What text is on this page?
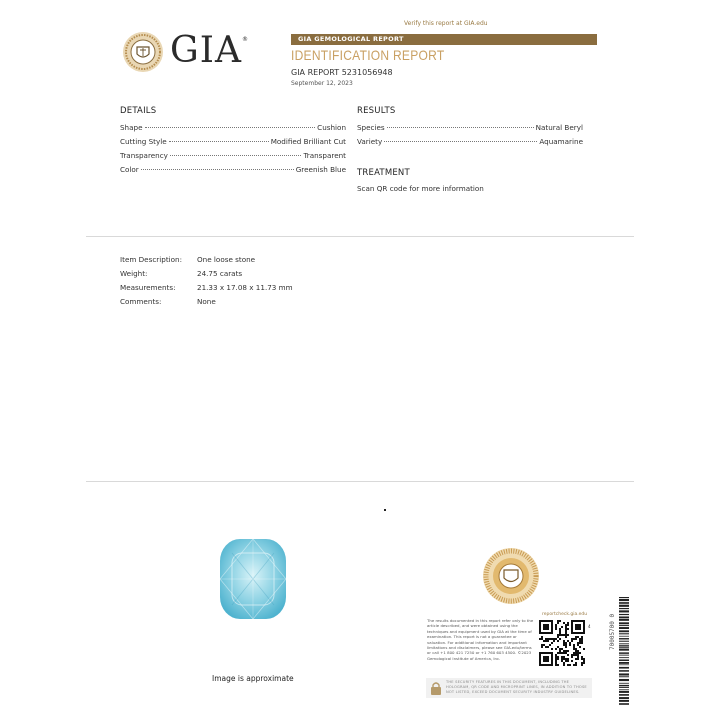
Verify this report at GIA.edu
GIA ®	GIA GEMOLOGICAL REPORT
IDENTIFICATION REPORT
GIA REPORT 5231056948
September 12, 2023
DETAILS
Shape	Cushion
Cutting Style	Modified Brilliant Cut
Transparency	Transparent
Color	Greenish Blue
RESULTS
Species	Natural Beryl
Variety	Aquamarine
TREATMENT
Scan QR code for more information
Item Description: One loose stone
Weight:	24.75 carats
Measurements:	21.33 x 17.08 x 11.73 mm
Comments:	None
Image is approximate
reportcheck.gia.edu
The results documented in this report refer only to the article described, and were obtained using the techniques and equipment used by GIA at the time of examination. This report is not a guarantee or valuation. For additional information and important limitations and disclaimers, please see GIA.edu/terms or call +1 800 421 7250 or +1 760 603 4500. ©2023 Gemological Institute of America, Inc.
4
THE SECURITY FEATURES IN THIS DOCUMENT, INCLUDING THE HOLOGRAM, QR CODE AND MICROPRINT LINES, IN ADDITION TO THOSE NOT LISTED, EXCEED DOCUMENT SECURITY INDUSTRY GUIDELINES.
70005700 0
